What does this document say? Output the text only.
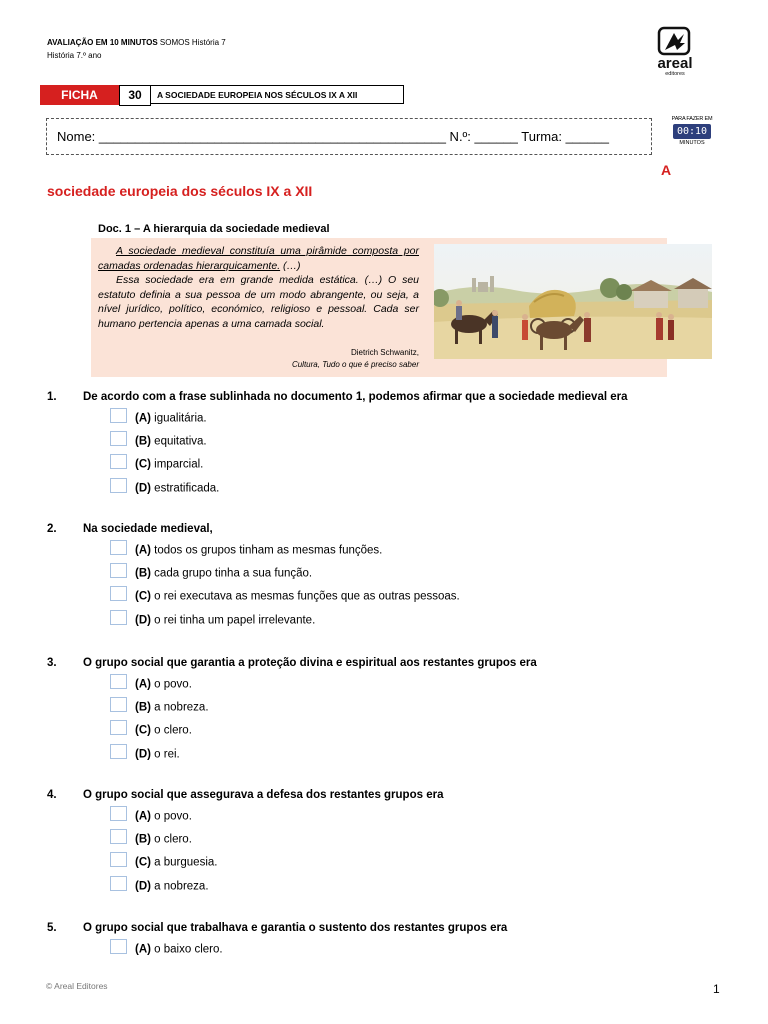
AVALIAÇÃO EM 10 MINUTOS SOMOS História 7
História 7.º ano	areal
editores
FICHA	30	A SOCIEDADE EUROPEIA NOS SÉCULOS IX A XII
Nome: ________________________________________________ N.º: ______ Turma: ______
PARA FAZER EM
00:10
MINUTOS
A
sociedade europeia dos séculos IX a XII
Doc. 1 – A hierarquia da sociedade medieval

A sociedade medieval constituía uma pirâmide composta por camadas ordenadas hierarquicamente. (…)

Essa sociedade era em grande medida estática. (…) O seu estatuto definia a sua pessoa de um modo abrangente, ou seja, a nível jurídico, político, económico, religioso e pessoal. Cada ser humano pertencia apenas a uma camada social.

Dietrich Schwanitz,
Cultura, Tudo o que é preciso saber
1. De acordo com a frase sublinhada no documento 1, podemos afirmar que a sociedade medieval era
(A) igualitária.
(B) equitativa.
(C) imparcial.
(D) estratificada.
2. Na sociedade medieval,
(A) todos os grupos tinham as mesmas funções.
(B) cada grupo tinha a sua função.
(C) o rei executava as mesmas funções que as outras pessoas.
(D) o rei tinha um papel irrelevante.
3. O grupo social que garantia a proteção divina e espiritual aos restantes grupos era
(A) o povo.
(B) a nobreza.
(C) o clero.
(D) o rei.
4. O grupo social que assegurava a defesa dos restantes grupos era
(A) o povo.
(B) o clero.
(C) a burguesia.
(D) a nobreza.
5. O grupo social que trabalhava e garantia o sustento dos restantes grupos era
(A) o baixo clero.
© Areal Editores	1
